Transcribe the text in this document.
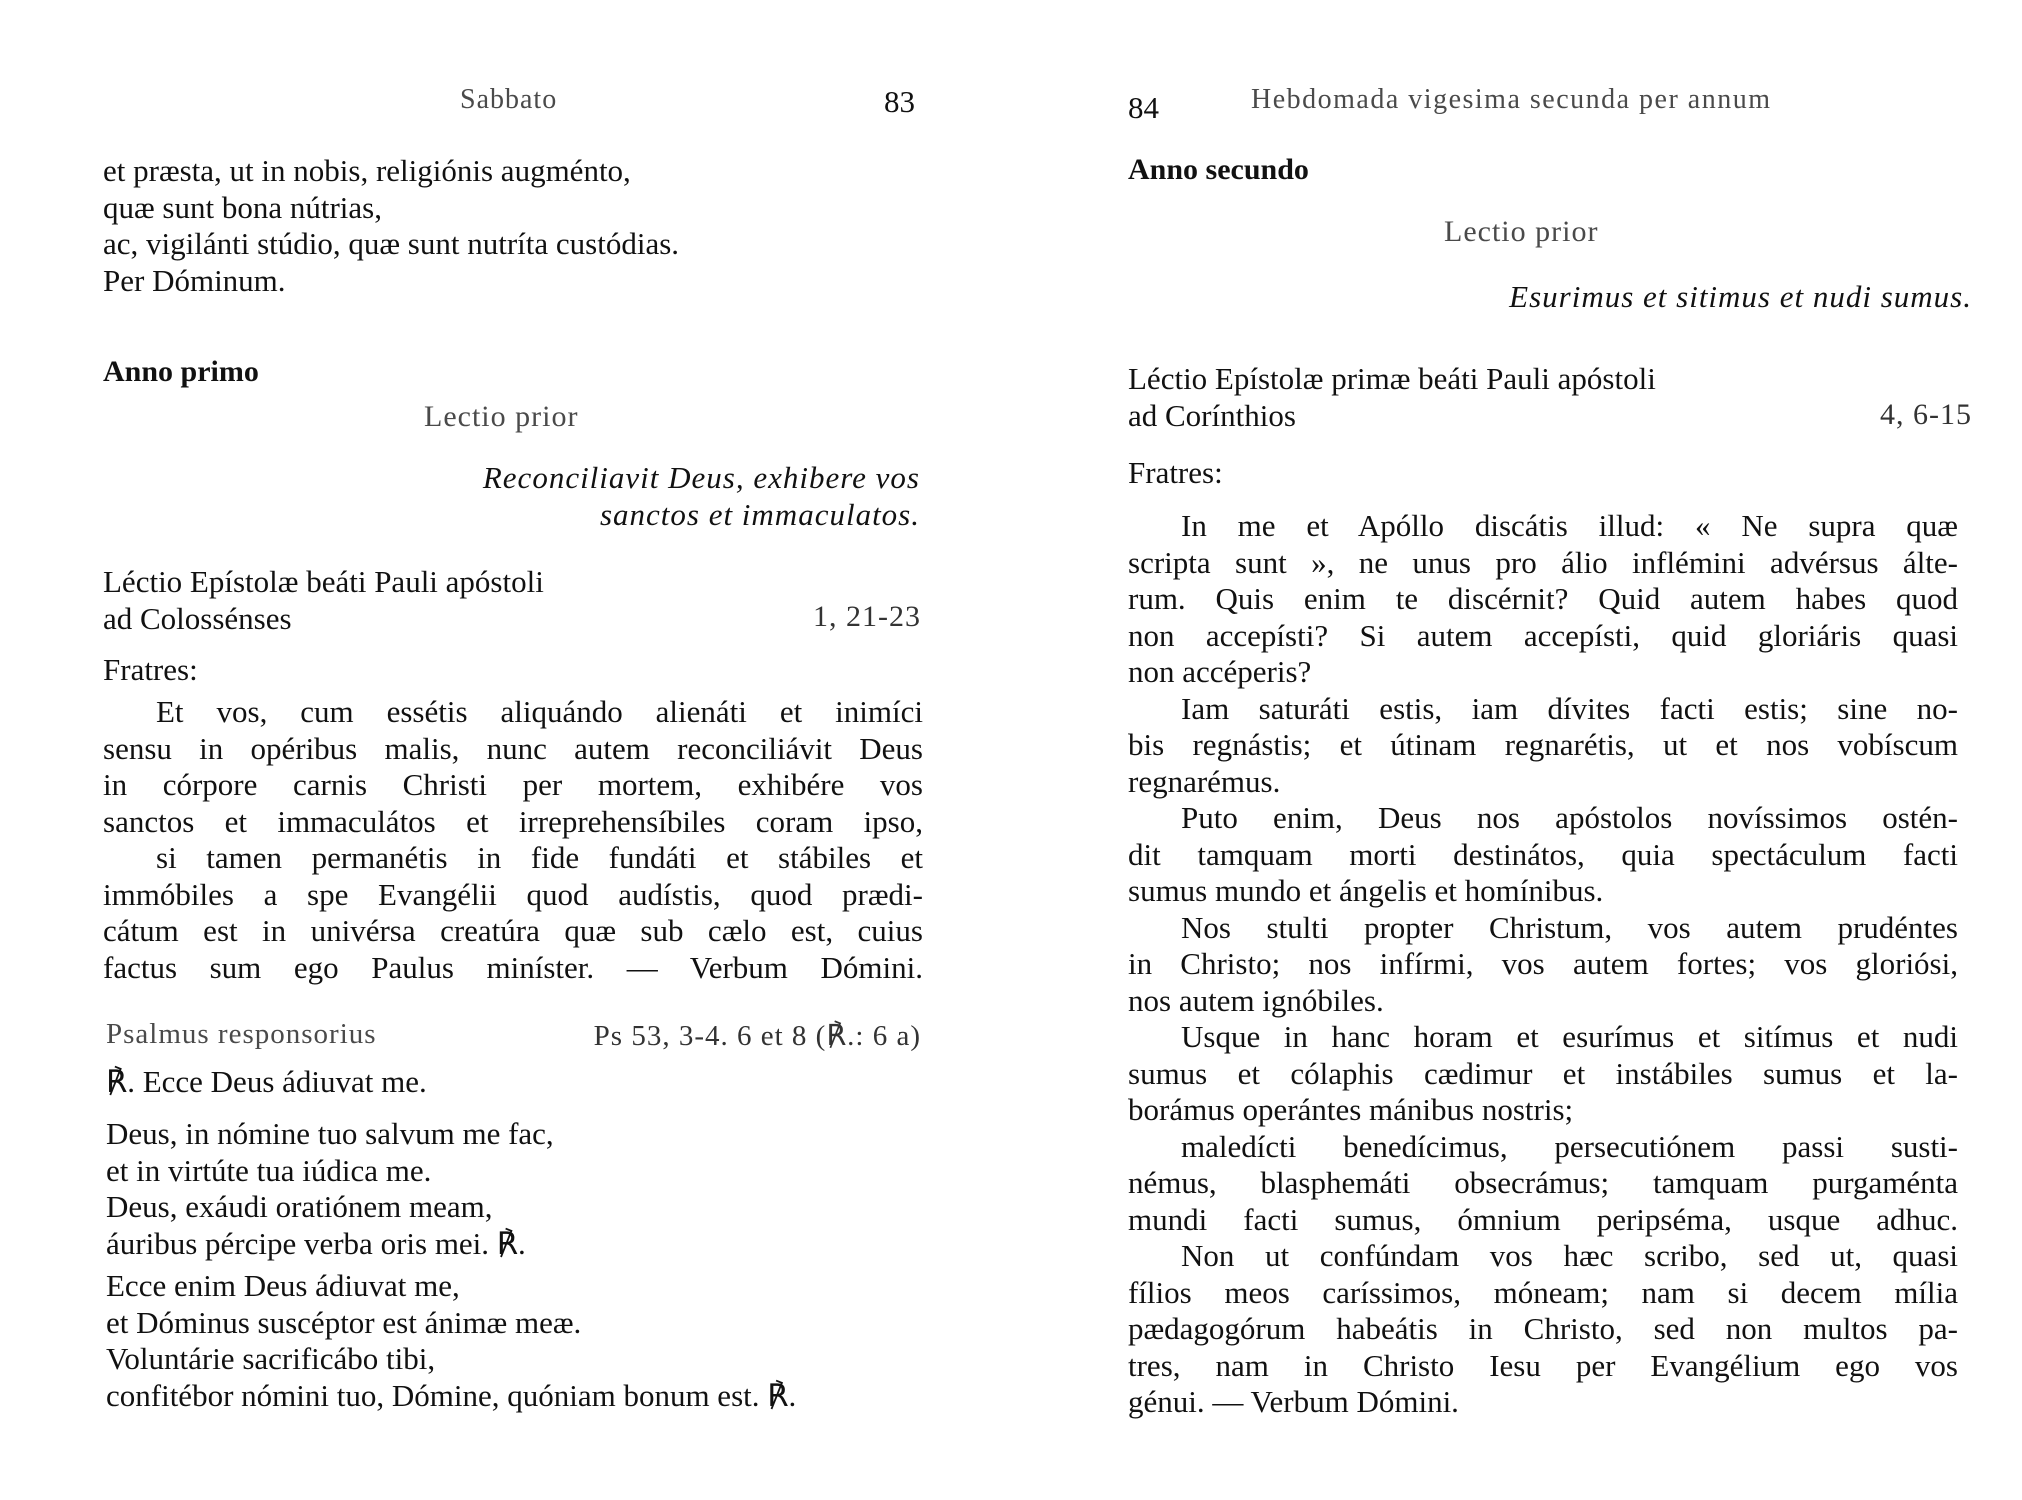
Sabbato	83
et præsta, ut in nobis, religiónis augménto,
quæ sunt bona nútrias,
ac, vigilánti stúdio, quæ sunt nutríta custódias.
Per Dóminum.
Anno primo
Lectio prior
Reconciliavit Deus, exhibere vos
sanctos et immaculatos.
Léctio Epístolæ beáti Pauli apóstoli
ad Colossénses	1, 21-23
Fratres:
Et vos, cum essétis aliquándo alienáti et inimíci
sensu in opéribus malis, nunc autem reconciliávit Deus
in córpore carnis Christi per mortem, exhibére vos
sanctos et immaculátos et irreprehensíbiles coram ipso,
si tamen permanétis in fide fundáti et stábiles et
immóbiles a spe Evangélii quod audístis, quod prædi-
cátum est in univérsa creatúra quæ sub cælo est, cuius
factus sum ego Paulus miníster. — Verbum Dómini.
Psalmus responsorius	Ps 53, 3-4. 6 et 8 (℟.: 6 a)
℟. Ecce Deus ádiuvat me.
Deus, in nómine tuo salvum me fac,
et in virtúte tua iúdica me.
Deus, exáudi oratiónem meam,
áuribus pércipe verba oris mei. ℟.
Ecce enim Deus ádiuvat me,
et Dóminus suscéptor est ánimæ meæ.
Voluntárie sacrificábo tibi,
confitébor nómini tuo, Dómine, quóniam bonum est. ℟.
84	Hebdomada vigesima secunda per annum
Anno secundo
Lectio prior
Esurimus et sitimus et nudi sumus.
Léctio Epístolæ primæ beáti Pauli apóstoli
ad Corínthios	4, 6-15
Fratres:
In me et Apóllo discátis illud: « Ne supra quæ
scripta sunt », ne unus pro álio inflémini advérsus álte-
rum. Quis enim te discérnit? Quid autem habes quod
non accepísti? Si autem accepísti, quid gloriáris quasi
non accéperis?
Iam saturáti estis, iam dívites facti estis; sine no-
bis regnástis; et útinam regnarétis, ut et nos vobíscum
regnarémus.
Puto enim, Deus nos apóstolos novíssimos ostén-
dit tamquam morti destinátos, quia spectáculum facti
sumus mundo et ángelis et homínibus.
Nos stulti propter Christum, vos autem prudéntes
in Christo; nos infírmi, vos autem fortes; vos gloriósi,
nos autem ignóbiles.
Usque in hanc horam et esurímus et sitímus et nudi
sumus et cólaphis cædimur et instábiles sumus et la-
borámus operántes mánibus nostris;
maledícti benedícimus, persecutiónem passi susti-
némus, blasphemáti obsecrámus; tamquam purgaménta
mundi facti sumus, ómnium peripséma, usque adhuc.
Non ut confúndam vos hæc scribo, sed ut, quasi
fílios meos caríssimos, móneam; nam si decem mília
pædagogórum habeátis in Christo, sed non multos pa-
tres, nam in Christo Iesu per Evangélium ego vos
génui. — Verbum Dómini.
